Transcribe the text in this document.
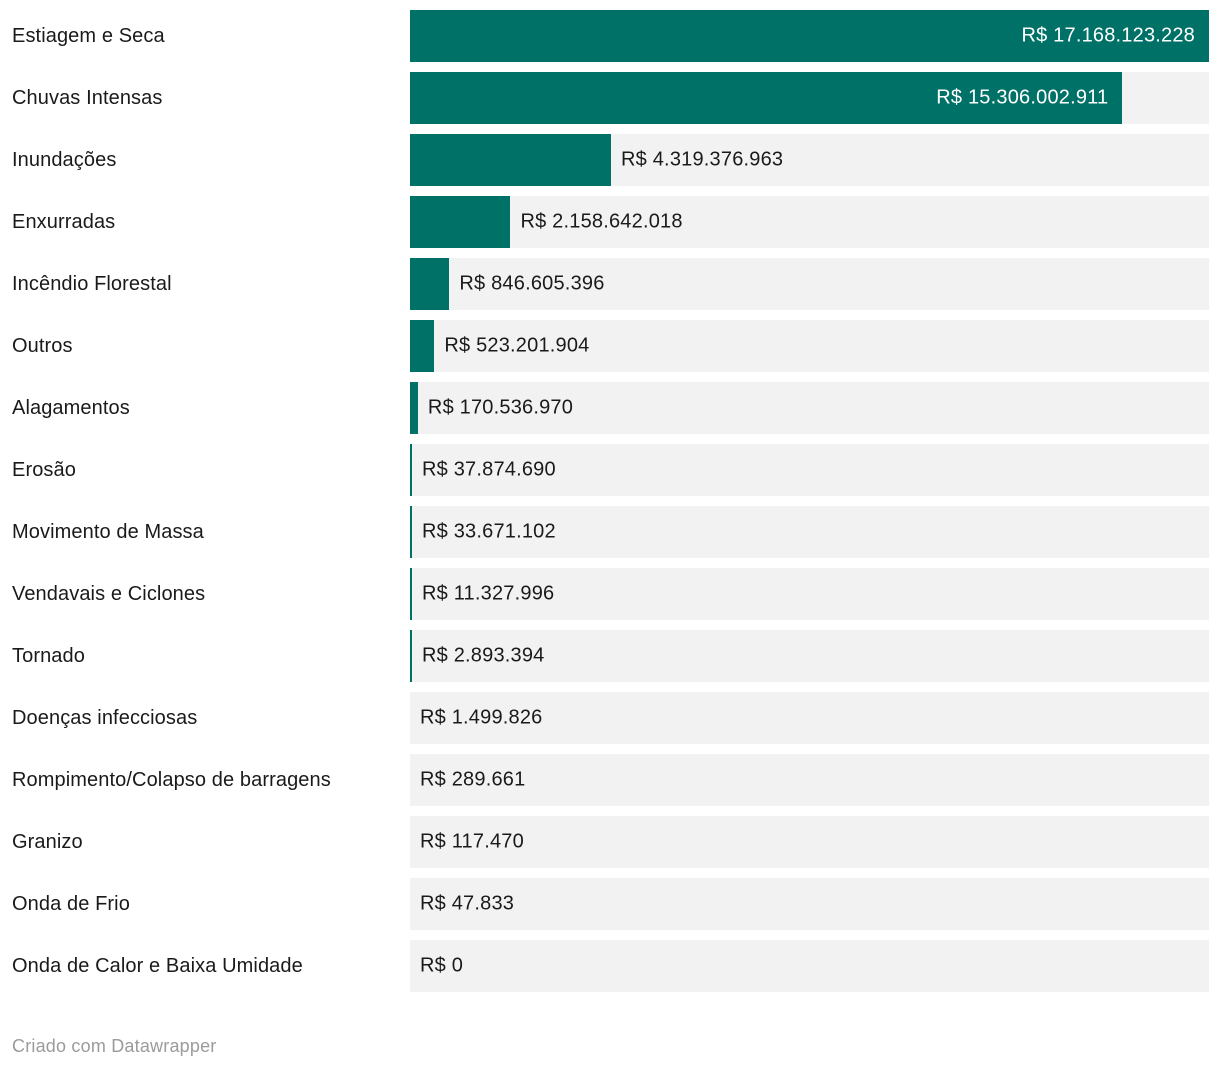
Estiagem e Seca	R$ 17.168.123.228
Chuvas Intensas	R$ 15.306.002.911
Inundações	R$ 4.319.376.963
Enxurradas	R$ 2.158.642.018
Incêndio Florestal	R$ 846.605.396
Outros	R$ 523.201.904
Alagamentos	R$ 170.536.970
Erosão	R$ 37.874.690
Movimento de Massa	R$ 33.671.102
Vendavais e Ciclones	R$ 11.327.996
Tornado	R$ 2.893.394
Doenças infecciosas	R$ 1.499.826
Rompimento/Colapso de barragens	R$ 289.661
Granizo	R$ 117.470
Onda de Frio	R$ 47.833
Onda de Calor e Baixa Umidade	R$ 0
Criado com Datawrapper
